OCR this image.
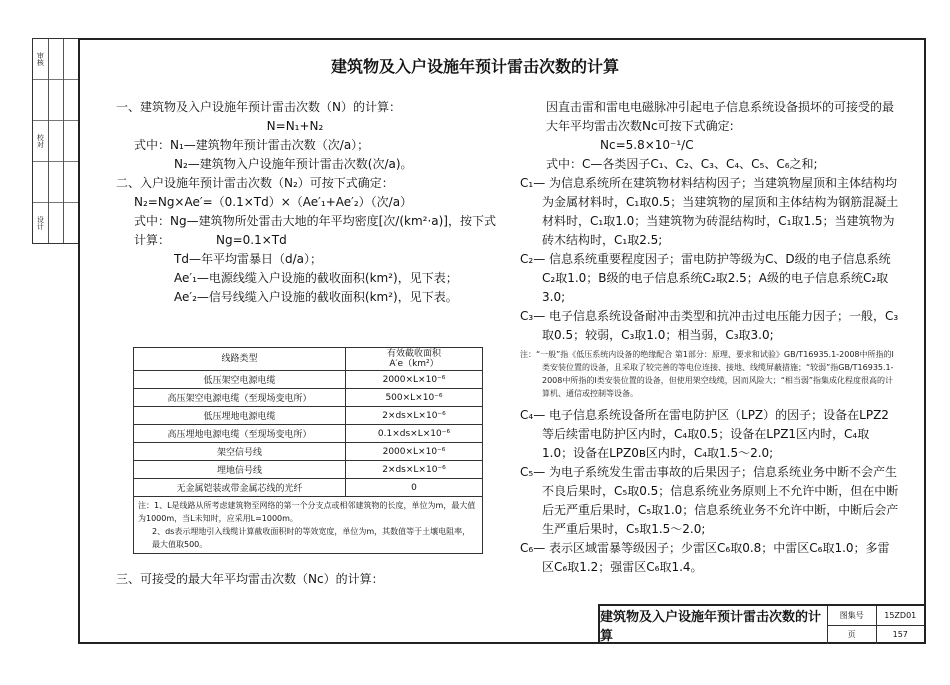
审核
校对
设计
建筑物及入户设施年预计雷击次数的计算

一、建筑物及入户设施年预计雷击次数（N）的计算：

N=N₁+N₂

式中：N₁—建筑物年预计雷击次数（次/a）；

N₂—建筑物入户设施年预计雷击次数(次/a)。

二、入户设施年预计雷击次数（N₂）可按下式确定：

N₂=Ng×Ae′=（0.1×Td）×（Ae′₁+Ae′₂）（次/a）

式中：Ng—建筑物所处雷击大地的年平均密度[次/(km²·a)]，按下式

计算：	Ng=0.1×Td

Td—年平均雷暴日（d/a）；

Ae′₁—电源线缆入户设施的截收面积(km²)，见下表；

Ae′₂—信号线缆入户设施的截收面积(km²)，见下表。

线路类型	有效截收面积
A′e（km²）

低压架空电源电缆	2000×L×10⁻⁶
高压架空电源电缆（至现场变电所）	500×L×10⁻⁶
低压埋地电源电缆	2×ds×L×10⁻⁶
高压埋地电源电缆（至现场变电所）	0.1×ds×L×10⁻⁶
架空信号线	2000×L×10⁻⁶
埋地信号线	2×ds×L×10⁻⁶
无金属铠装或带金属芯线的光纤	0

注：1、L是线路从所考虑建筑物至网络的第一个分支点或相邻建筑物的长度，单位为m，最大值为1000m，当L未知时，应采用L=1000m。
2、ds表示埋地引入线缆计算截收面积时的等效宽度，单位为m，其数值等于土壤电阻率，最大值取500。	
三、可接受的最大年平均雷击次数（Nc）的计算：

因直击雷和雷电电磁脉冲引起电子信息系统设备损坏的可接受的最大年平均雷击次数Nc可按下式确定:

Nc=5.8×10⁻¹/C

式中：C—各类因子C₁、C₂、C₃、C₄、C₅、C₆之和;

C₁— 为信息系统所在建筑物材料结构因子；当建筑物屋顶和主体结构均为金属材料时，C₁取0.5；当建筑物的屋顶和主体结构为钢筋混凝土材料时，C₁取1.0；当建筑物为砖混结构时，C₁取1.5；当建筑物为砖木结构时，C₁取2.5;

C₂— 信息系统重要程度因子；雷电防护等级为C、D级的电子信息系统C₂取1.0；B级的电子信息系统C₂取2.5；A级的电子信息系统C₂取3.0;

C₃— 电子信息系统设备耐冲击类型和抗冲击过电压能力因子；一般，C₃取0.5；较弱，C₃取1.0；相当弱，C₃取3.0;

注：“一般”指《低压系统内设备的绝缘配合 第1部分：原理、要求和试验》GB/T16935.1-2008中所指的Ⅰ类安装位置的设备，且采取了较完善的等电位连接、接地、线缆屏蔽措施；“较弱”指GB/T16935.1-2008中所指的Ⅰ类安装位置的设备，但使用架空线缆，因而风险大；“相当弱”指集成化程度很高的计算机、通信或控制等设备。

C₄— 电子信息系统设备所在雷电防护区（LPZ）的因子；设备在LPZ2等后续雷电防护区内时，C₄取0.5；设备在LPZ1区内时，C₄取1.0；设备在LPZ0ʙ区内时，C₄取1.5～2.0;

C₅— 为电子系统发生雷击事故的后果因子；信息系统业务中断不会产生不良后果时，C₅取0.5；信息系统业务原则上不允许中断，但在中断后无严重后果时，C₅取1.0；信息系统业务不允许中断，中断后会产生严重后果时，C₅取1.5～2.0;

C₆— 表示区域雷暴等级因子；少雷区C₆取0.8；中雷区C₆取1.0；多雷区C₆取1.2；强雷区C₆取1.4。

建筑物及入户设施年预计雷击次数的计算
图集号	15ZD01
页	157
